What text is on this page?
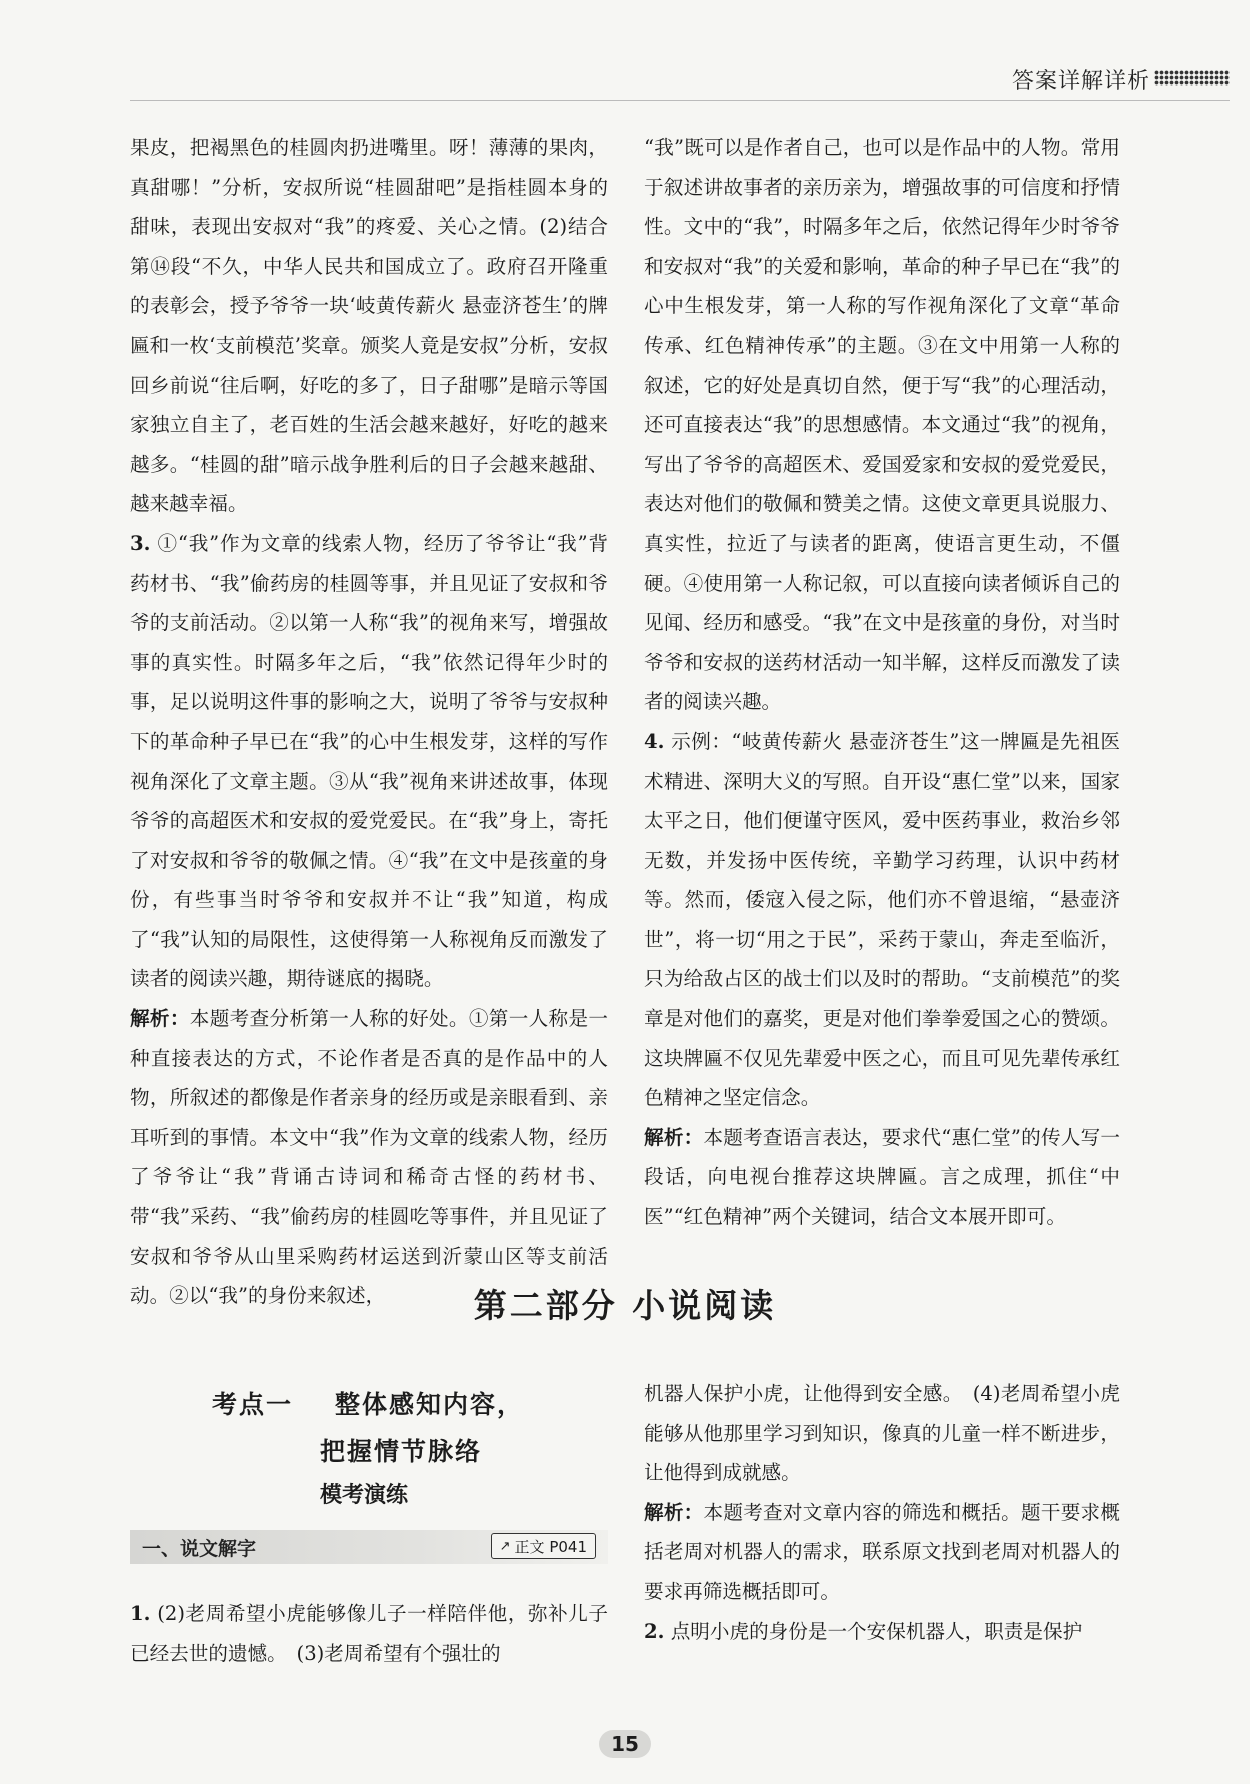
答案详解详析

果皮，把褐黑色的桂圆肉扔进嘴里。呀！薄薄的果肉，真甜哪！”分析，安叔所说“桂圆甜吧”是指桂圆本身的甜味，表现出安叔对“我”的疼爱、关心之情。(2)结合第⑭段“不久，中华人民共和国成立了。政府召开隆重的表彰会，授予爷爷一块‘岐黄传薪火 悬壶济苍生’的牌匾和一枚‘支前模范’奖章。颁奖人竟是安叔”分析，安叔回乡前说“往后啊，好吃的多了，日子甜哪”是暗示等国家独立自主了，老百姓的生活会越来越好，好吃的越来越多。“桂圆的甜”暗示战争胜利后的日子会越来越甜、越来越幸福。

3. ①“我”作为文章的线索人物，经历了爷爷让“我”背药材书、“我”偷药房的桂圆等事，并且见证了安叔和爷爷的支前活动。②以第一人称“我”的视角来写，增强故事的真实性。时隔多年之后，“我”依然记得年少时的事，足以说明这件事的影响之大，说明了爷爷与安叔种下的革命种子早已在“我”的心中生根发芽，这样的写作视角深化了文章主题。③从“我”视角来讲述故事，体现爷爷的高超医术和安叔的爱党爱民。在“我”身上，寄托了对安叔和爷爷的敬佩之情。④“我”在文中是孩童的身份，有些事当时爷爷和安叔并不让“我”知道，构成了“我”认知的局限性，这使得第一人称视角反而激发了读者的阅读兴趣，期待谜底的揭晓。

解析：本题考查分析第一人称的好处。①第一人称是一种直接表达的方式，不论作者是否真的是作品中的人物，所叙述的都像是作者亲身的经历或是亲眼看到、亲耳听到的事情。本文中“我”作为文章的线索人物，经历了爷爷让“我”背诵古诗词和稀奇古怪的药材书、带“我”采药、“我”偷药房的桂圆吃等事件，并且见证了安叔和爷爷从山里采购药材运送到沂蒙山区等支前活动。②以“我”的身份来叙述，

“我”既可以是作者自己，也可以是作品中的人物。常用于叙述讲故事者的亲历亲为，增强故事的可信度和抒情性。文中的“我”，时隔多年之后，依然记得年少时爷爷和安叔对“我”的关爱和影响，革命的种子早已在“我”的心中生根发芽，第一人称的写作视角深化了文章“革命传承、红色精神传承”的主题。③在文中用第一人称的叙述，它的好处是真切自然，便于写“我”的心理活动，还可直接表达“我”的思想感情。本文通过“我”的视角，写出了爷爷的高超医术、爱国爱家和安叔的爱党爱民，表达对他们的敬佩和赞美之情。这使文章更具说服力、真实性，拉近了与读者的距离，使语言更生动，不僵硬。④使用第一人称记叙，可以直接向读者倾诉自己的见闻、经历和感受。“我”在文中是孩童的身份，对当时爷爷和安叔的送药材活动一知半解，这样反而激发了读者的阅读兴趣。

4. 示例：“岐黄传薪火 悬壶济苍生”这一牌匾是先祖医术精进、深明大义的写照。自开设“惠仁堂”以来，国家太平之日，他们便谨守医风，爱中医药事业，救治乡邻无数，并发扬中医传统，辛勤学习药理，认识中药材等。然而，倭寇入侵之际，他们亦不曾退缩，“悬壶济世”，将一切“用之于民”，采药于蒙山，奔走至临沂，只为给敌占区的战士们以及时的帮助。“支前模范”的奖章是对他们的嘉奖，更是对他们拳拳爱国之心的赞颂。这块牌匾不仅见先辈爱中医之心，而且可见先辈传承红色精神之坚定信念。

解析：本题考查语言表达，要求代“惠仁堂”的传人写一段话，向电视台推荐这块牌匾。言之成理，抓住“中医”“红色精神”两个关键词，结合文本展开即可。

第二部分 小说阅读
考点一 整体感知内容，
把握情节脉络
模考演练
一、说文解字	↗ 正文 P041

1. (2)老周希望小虎能够像儿子一样陪伴他，弥补儿子已经去世的遗憾。　(3)老周希望有个强壮的

机器人保护小虎，让他得到安全感。　(4)老周希望小虎能够从他那里学习到知识，像真的儿童一样不断进步，让他得到成就感。

解析：本题考查对文章内容的筛选和概括。题干要求概括老周对机器人的需求，联系原文找到老周对机器人的要求再筛选概括即可。

2. 点明小虎的身份是一个安保机器人，职责是保护

15
